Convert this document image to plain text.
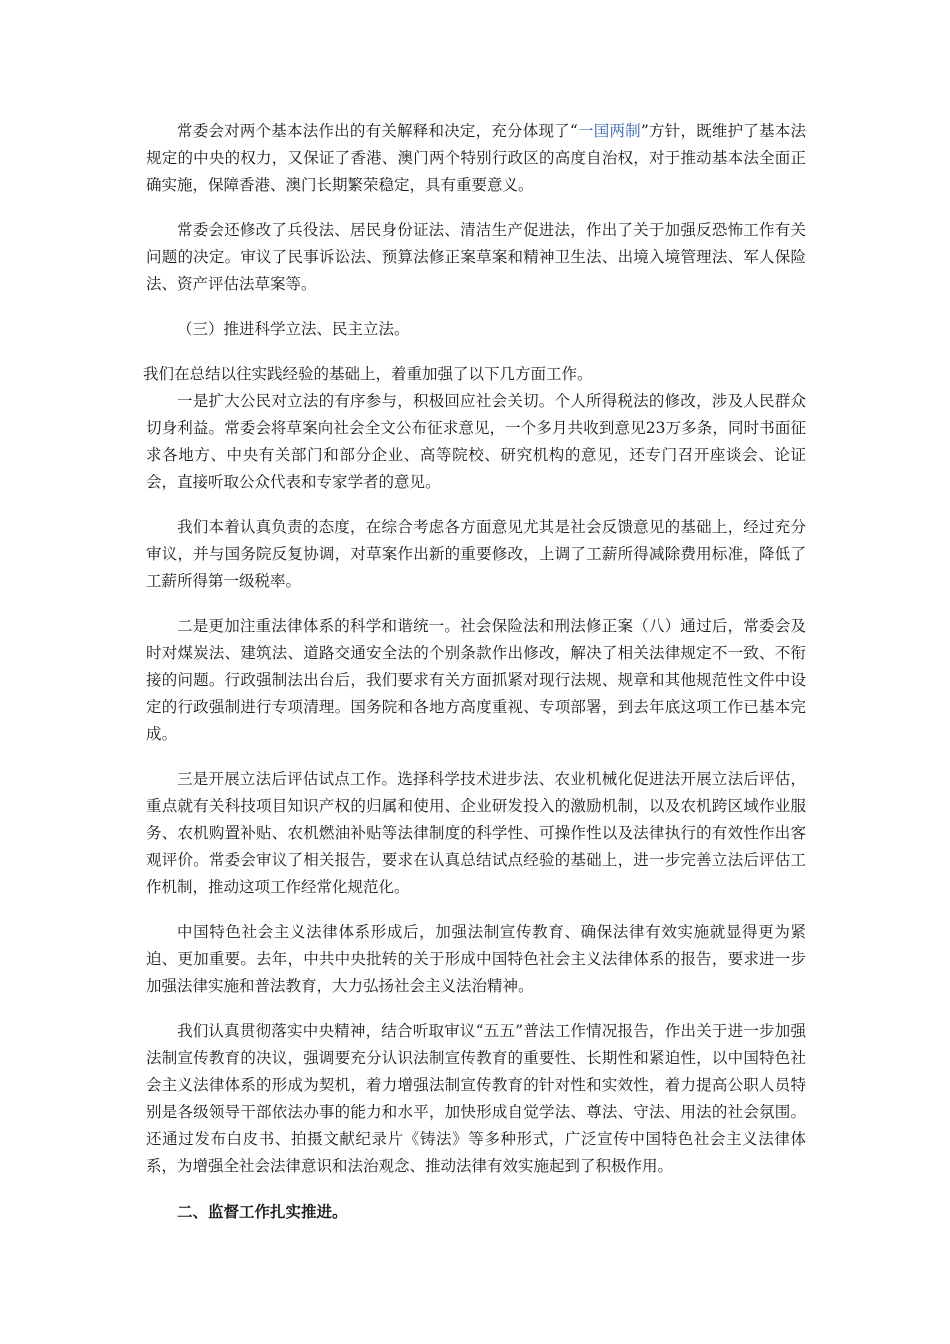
常委会对两个基本法作出的有关解释和决定，充分体现了“一国两制”方针，既维护了基本法规定的中央的权力，又保证了香港、澳门两个特别行政区的高度自治权，对于推动基本法全面正确实施，保障香港、澳门长期繁荣稳定，具有重要意义。

常委会还修改了兵役法、居民身份证法、清洁生产促进法，作出了关于加强反恐怖工作有关问题的决定。审议了民事诉讼法、预算法修正案草案和精神卫生法、出境入境管理法、军人保险法、资产评估法草案等。

（三）推进科学立法、民主立法。

我们在总结以往实践经验的基础上，着重加强了以下几方面工作。

一是扩大公民对立法的有序参与，积极回应社会关切。个人所得税法的修改，涉及人民群众切身利益。常委会将草案向社会全文公布征求意见，一个多月共收到意见23万多条，同时书面征求各地方、中央有关部门和部分企业、高等院校、研究机构的意见，还专门召开座谈会、论证会，直接听取公众代表和专家学者的意见。

我们本着认真负责的态度，在综合考虑各方面意见尤其是社会反馈意见的基础上，经过充分审议，并与国务院反复协调，对草案作出新的重要修改，上调了工薪所得减除费用标准，降低了工薪所得第一级税率。

二是更加注重法律体系的科学和谐统一。社会保险法和刑法修正案（八）通过后，常委会及时对煤炭法、建筑法、道路交通安全法的个别条款作出修改，解决了相关法律规定不一致、不衔接的问题。行政强制法出台后，我们要求有关方面抓紧对现行法规、规章和其他规范性文件中设定的行政强制进行专项清理。国务院和各地方高度重视、专项部署，到去年底这项工作已基本完成。

三是开展立法后评估试点工作。选择科学技术进步法、农业机械化促进法开展立法后评估，重点就有关科技项目知识产权的归属和使用、企业研发投入的激励机制，以及农机跨区域作业服务、农机购置补贴、农机燃油补贴等法律制度的科学性、可操作性以及法律执行的有效性作出客观评价。常委会审议了相关报告，要求在认真总结试点经验的基础上，进一步完善立法后评估工作机制，推动这项工作经常化规范化。

中国特色社会主义法律体系形成后，加强法制宣传教育、确保法律有效实施就显得更为紧迫、更加重要。去年，中共中央批转的关于形成中国特色社会主义法律体系的报告，要求进一步加强法律实施和普法教育，大力弘扬社会主义法治精神。

我们认真贯彻落实中央精神，结合听取审议“五五”普法工作情况报告，作出关于进一步加强法制宣传教育的决议，强调要充分认识法制宣传教育的重要性、长期性和紧迫性，以中国特色社会主义法律体系的形成为契机，着力增强法制宣传教育的针对性和实效性，着力提高公职人员特别是各级领导干部依法办事的能力和水平，加快形成自觉学法、尊法、守法、用法的社会氛围。还通过发布白皮书、拍摄文献纪录片《铸法》等多种形式，广泛宣传中国特色社会主义法律体系，为增强全社会法律意识和法治观念、推动法律有效实施起到了积极作用。

二、监督工作扎实推进。
